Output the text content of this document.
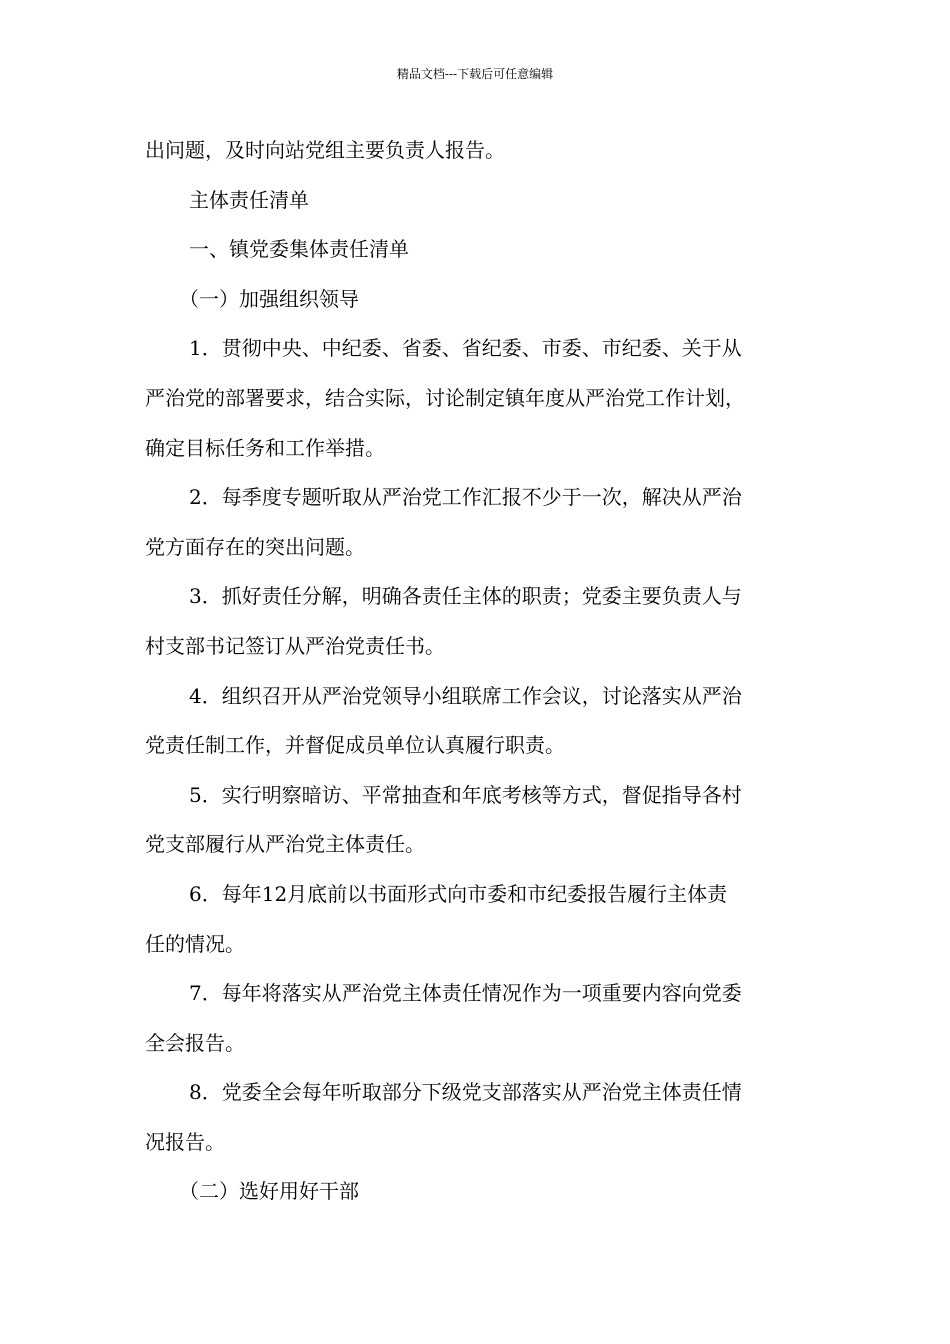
精品文档---下载后可任意编辑

出问题，及时向站党组主要负责人报告。

主体责任清单

一、镇党委集体责任清单

（一）加强组织领导

1．贯彻中央、中纪委、省委、省纪委、市委、市纪委、关于从
严治党的部署要求，结合实际，讨论制定镇年度从严治党工作计划，
确定目标任务和工作举措。

2．每季度专题听取从严治党工作汇报不少于一次，解决从严治
党方面存在的突出问题。

3．抓好责任分解，明确各责任主体的职责；党委主要负责人与
村支部书记签订从严治党责任书。

4．组织召开从严治党领导小组联席工作会议，讨论落实从严治
党责任制工作，并督促成员单位认真履行职责。

5．实行明察暗访、平常抽查和年底考核等方式，督促指导各村
党支部履行从严治党主体责任。

6．每年12月底前以书面形式向市委和市纪委报告履行主体责
任的情况。

7．每年将落实从严治党主体责任情况作为一项重要内容向党委
全会报告。

8．党委全会每年听取部分下级党支部落实从严治党主体责任情
况报告。

（二）选好用好干部
